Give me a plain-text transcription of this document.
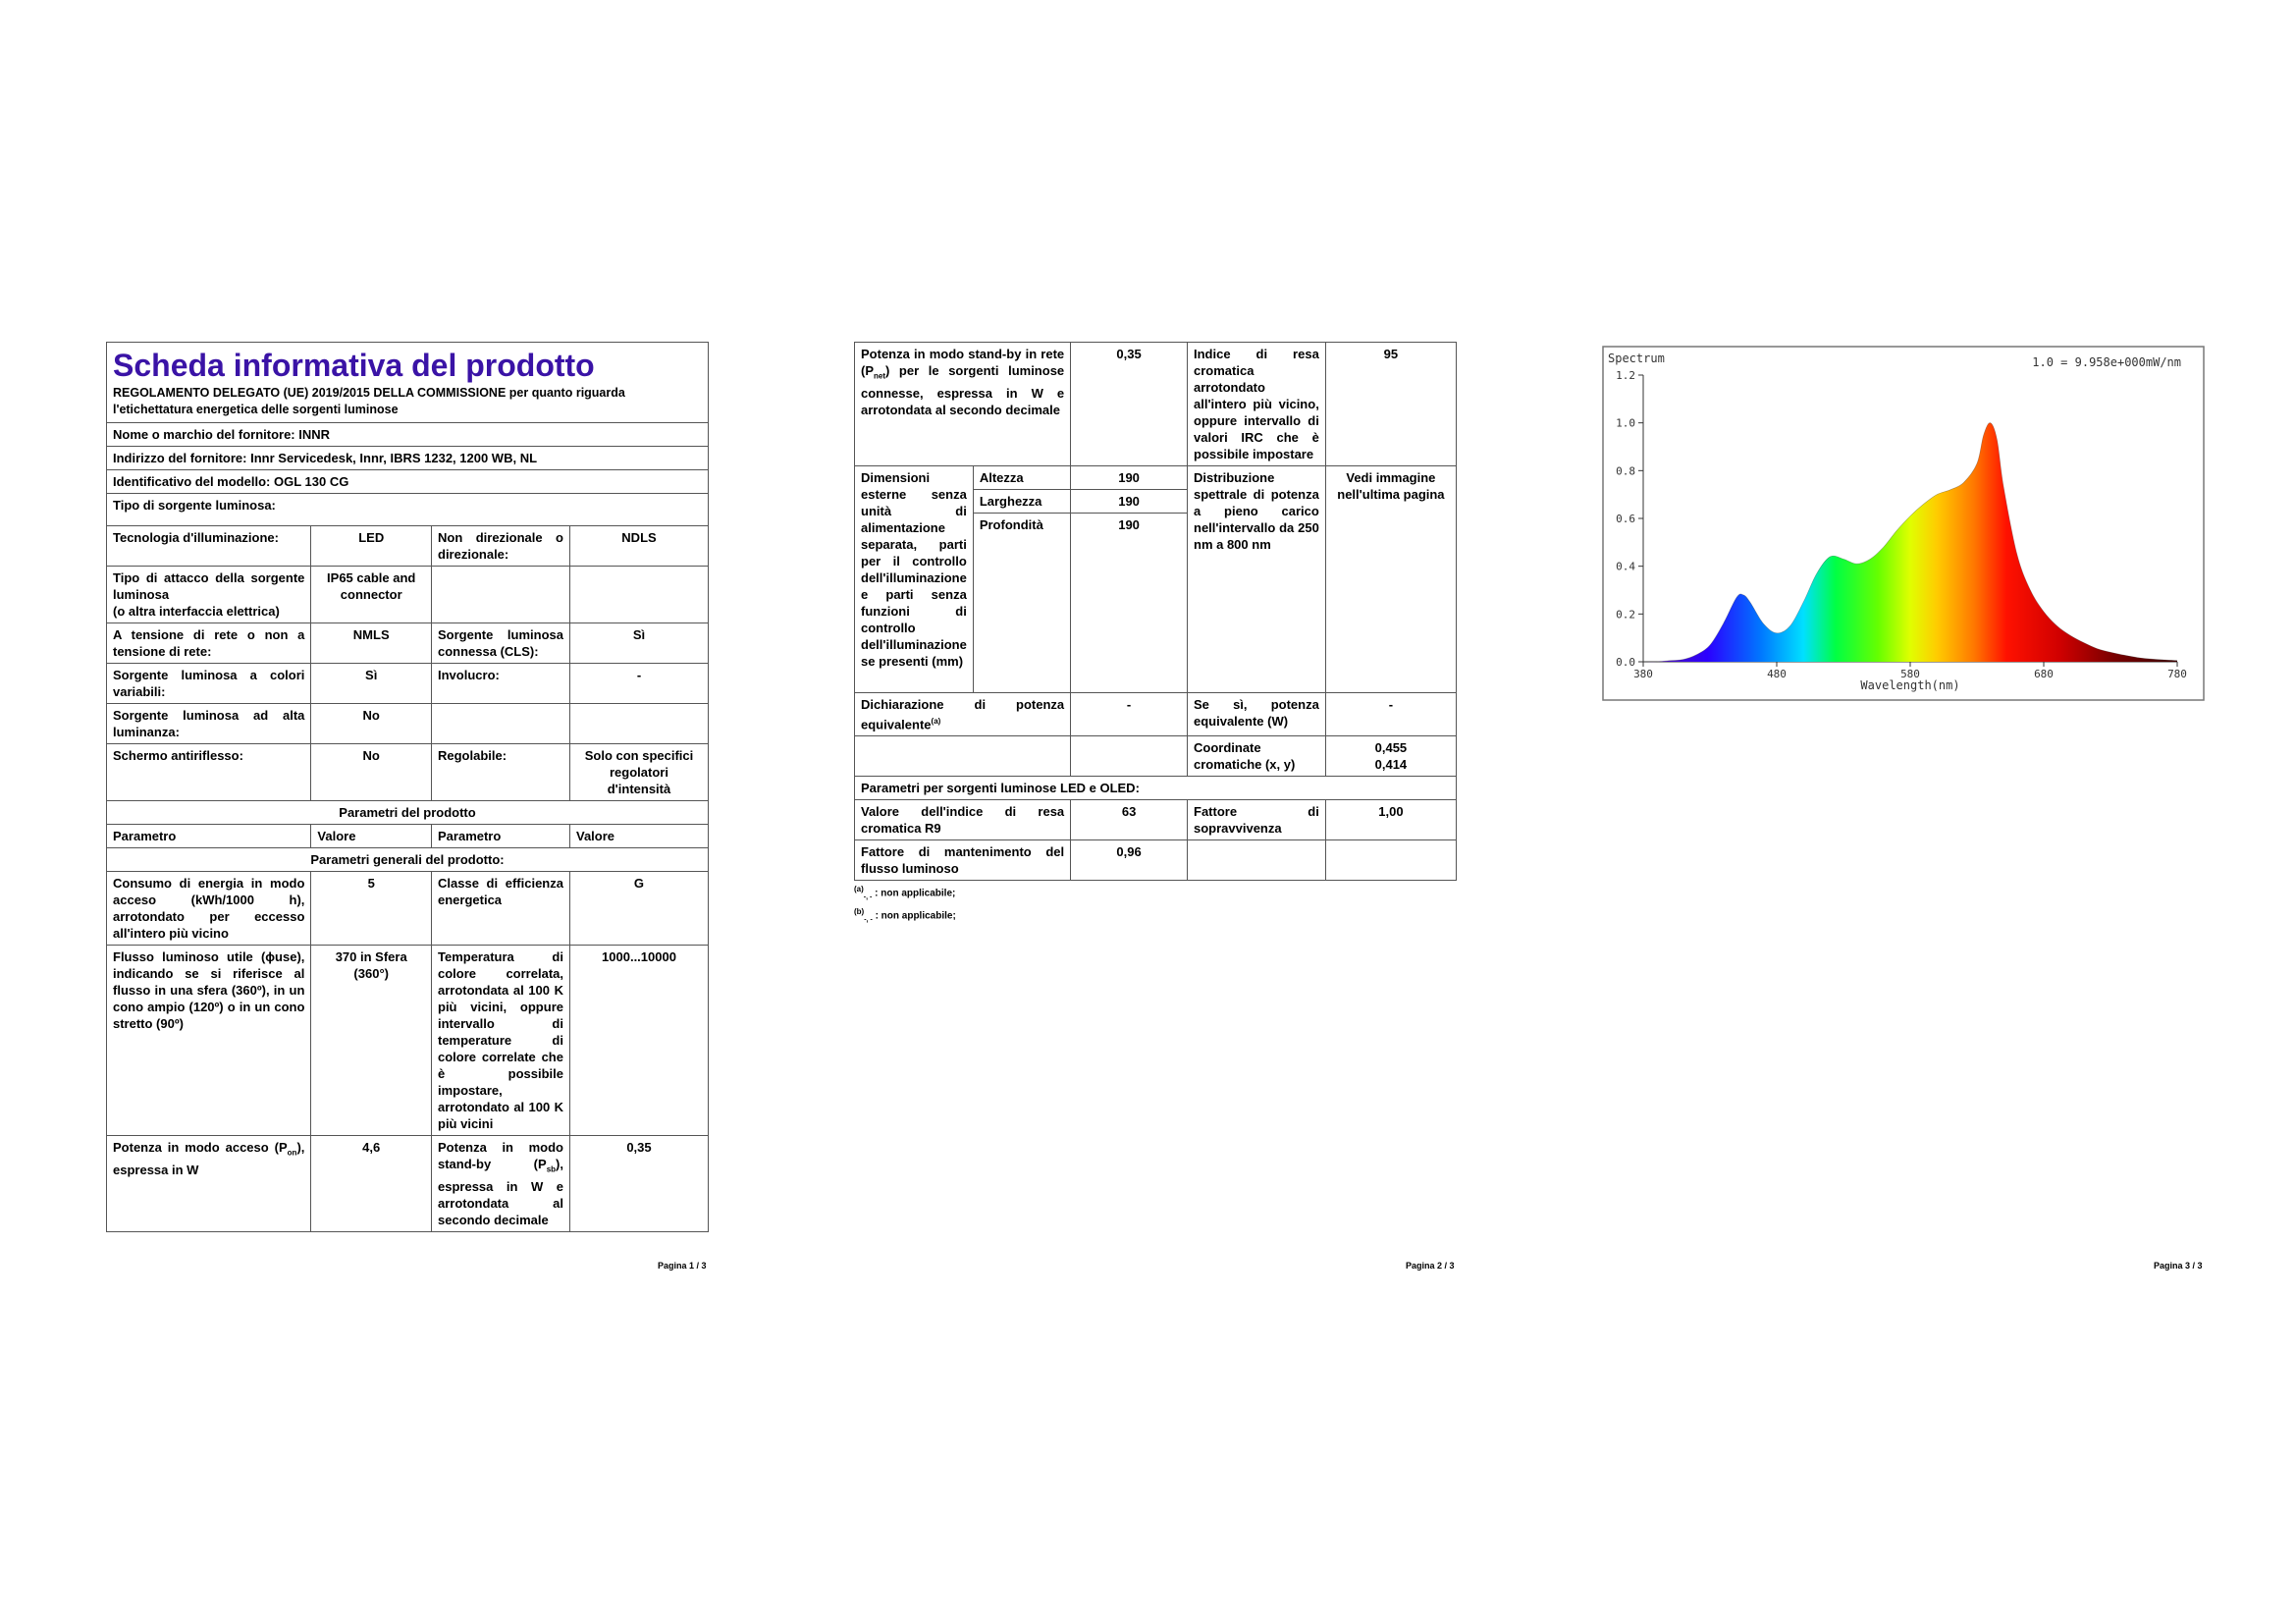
Scheda informativa del prodotto
REGOLAMENTO DELEGATO (UE) 2019/2015 DELLA COMMISSIONE per quanto riguarda l'etichettatura energetica delle sorgenti luminose
Nome o marchio del fornitore: INNR
Indirizzo del fornitore: Innr Servicedesk, Innr, IBRS 1232, 1200 WB, NL
Identificativo del modello: OGL 130 CG
Tipo di sorgente luminosa:
Tecnologia d'illuminazione:	LED	Non direzionale o direzionale:	NDLS

Tipo di attacco della sorgente luminosa
(o altra interfaccia elettrica)	IP65 cable and connector		
A tensione di rete o non a tensione di rete:	NMLS	Sorgente luminosa connessa (CLS):	Sì
Sorgente luminosa a colori variabili:	Sì	Involucro:	-
Sorgente luminosa ad alta luminanza:	No		
Schermo antiriflesso:	No	Regolabile:	Solo con specifici regolatori d'intensità
Parametri del prodotto			
Parametro	Valore	Parametro	Valore
Parametri generali del prodotto:			
Consumo di energia in modo acceso (kWh/1000 h), arrotondato per eccesso all'intero più vicino	5	Classe di efficienza energetica	G
Flusso luminoso utile (ɸuse), indicando se si riferisce al flusso in una sfera (360º), in un cono ampio (120º) o in un cono stretto (90º)	370 in Sfera (360°)	Temperatura di colore correlata, arrotondata al 100 K più vicini, oppure intervallo di temperature di colore correlate che è possibile impostare, arrotondato al 100 K più vicini	1000...10000
Potenza in modo acceso $(P_{on})$, espressa in W	4,6	Potenza in modo stand-by $(P_{sb})$, espressa in W e arrotondata al secondo decimale	0,35
Pagina 1 / 3
Potenza in modo stand-by in rete $(P_{net})$ per le sorgenti luminose connesse, espressa in W e arrotondata al secondo decimale		0,35	Indice di resa cromatica arrotondato all'intero più vicino, oppure intervallo di valori IRC che è possibile impostare	95
Dimensioni esterne senza unità di alimentazione separata, parti per il controllo dell'illuminazione e parti senza funzioni di controllo dell'illuminazione se presenti (mm)	Altezza	190	Distribuzione spettrale di potenza a pieno carico nell'intervallo da 250 nm a 800 nm	Vedi immagine nell'ultima pagina
	Larghezza	190		
	Profondità	190		
Dichiarazione di potenza equivalente$^{(a)}$		-	Se sì, potenza equivalente (W)	-
			Coordinate cromatiche (x, y)	0,455
0,414

Parametri per sorgenti luminose LED e OLED:				
Valore dell'indice di resa cromatica R9		63	Fattore di sopravvivenza	1,00
Fattore di mantenimento del flusso luminoso		0,96		
$^{(a)}_{-, -}$ : non applicabile;
$^{(b)}_{-, -}$ : non applicabile;
Pagina 2 / 3
Spectrum	1.0 = 9.958e+000mW/nm
0.0
0.2
0.4
0.6
0.8
1.0
1.2
380	480	580	680	780
Wavelength(nm)
Pagina 3 / 3
